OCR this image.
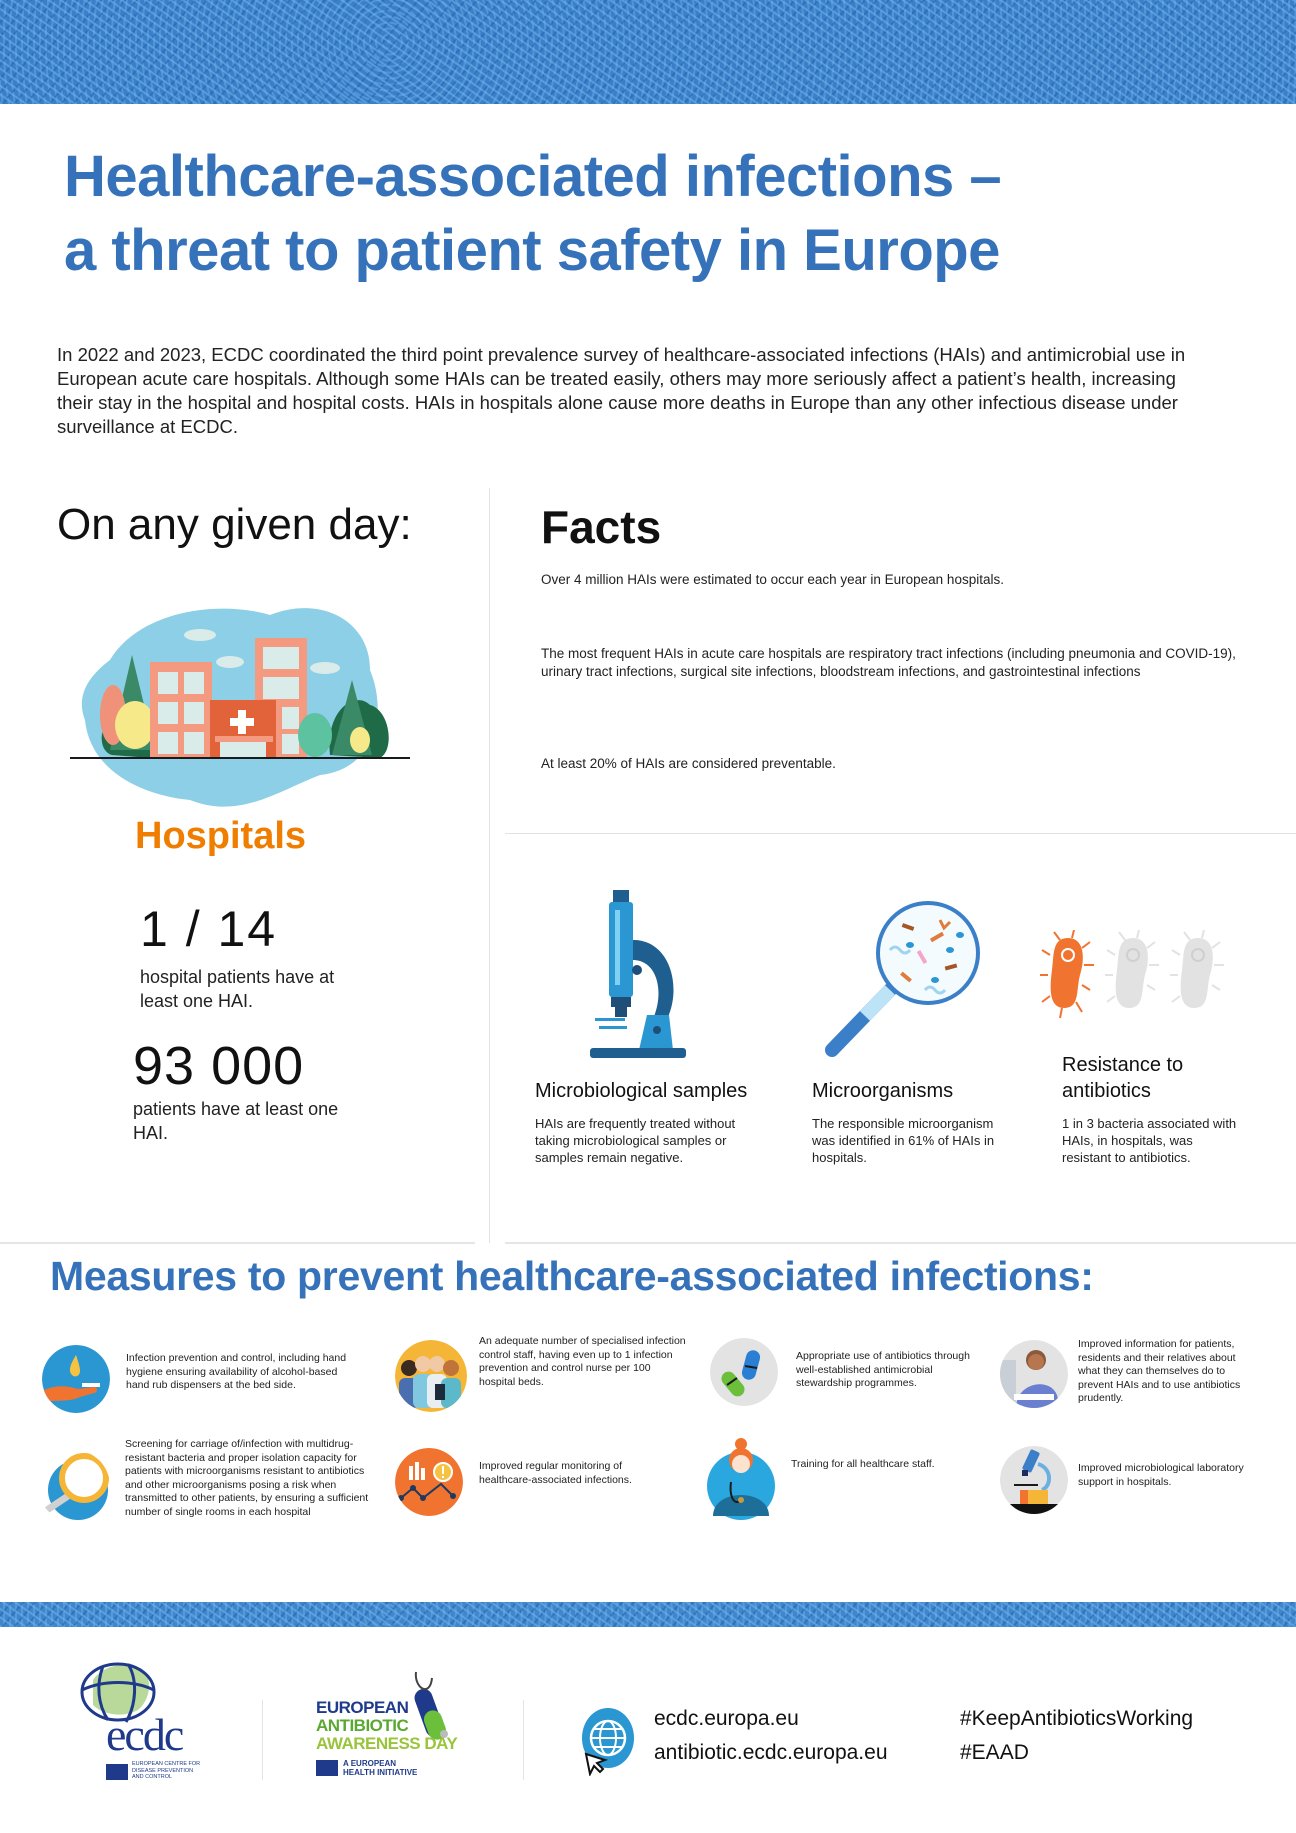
Healthcare-associated infections –
a threat to patient safety in Europe

In 2022 and 2023, ECDC coordinated the third point prevalence survey of healthcare-associated infections (HAIs) and antimicrobial use in European acute care hospitals. Although some HAIs can be treated easily, others may more seriously affect a patient’s health, increasing their stay in the hospital and hospital costs. HAIs in hospitals alone cause more deaths in Europe than any other infectious disease under surveillance at ECDC.

On any given day:
Hospitals
1 / 14
hospital patients have at least one HAI.
93 000
patients have at least one HAI.
Facts

Over 4 million HAIs were estimated to occur each year in European hospitals.

The most frequent HAIs in acute care hospitals are respiratory tract infections (including pneumonia and COVID-19), urinary tract infections, surgical site infections, bloodstream infections, and gastrointestinal infections

At least 20% of HAIs are considered preventable.

Microbiological samples
HAIs are frequently treated without taking microbiological samples or samples remain negative.
Microorganisms
The responsible microorganism was identified in 61% of HAIs in hospitals.
Resistance to antibiotics
1 in 3 bacteria associated with HAIs, in hospitals, was resistant to antibiotics.
Measures to prevent healthcare-associated infections:
Infection prevention and control, including hand hygiene ensuring availability of alcohol-based hand rub dispensers at the bed side.
An adequate number of specialised infection control staff, having even up to 1 infection prevention and control nurse per 100 hospital beds.
Appropriate use of antibiotics through well-established antimicrobial stewardship programmes.
Improved information for patients, residents and their relatives about what they can themselves do to prevent HAIs and to use antibiotics prudently.
Screening for carriage of/infection with multidrug-resistant bacteria and proper isolation capacity for patients with microorganisms resistant to antibiotics and other microorganisms posing a risk when transmitted to other patients, by ensuring a sufficient number of single rooms in each hospital
Improved regular monitoring of healthcare-associated infections.
Training for all healthcare staff.	Improved microbiological laboratory support in hospitals.
ecdc
EUROPEAN CENTRE FOR
DISEASE PREVENTION
AND CONTROL
EUROPEAN
ANTIBIOTIC
AWARENESS DAY
A EUROPEAN
HEALTH INITIATIVE
ecdc.europa.eu
antibiotic.ecdc.europa.eu
#KeepAntibioticsWorking
#EAAD
